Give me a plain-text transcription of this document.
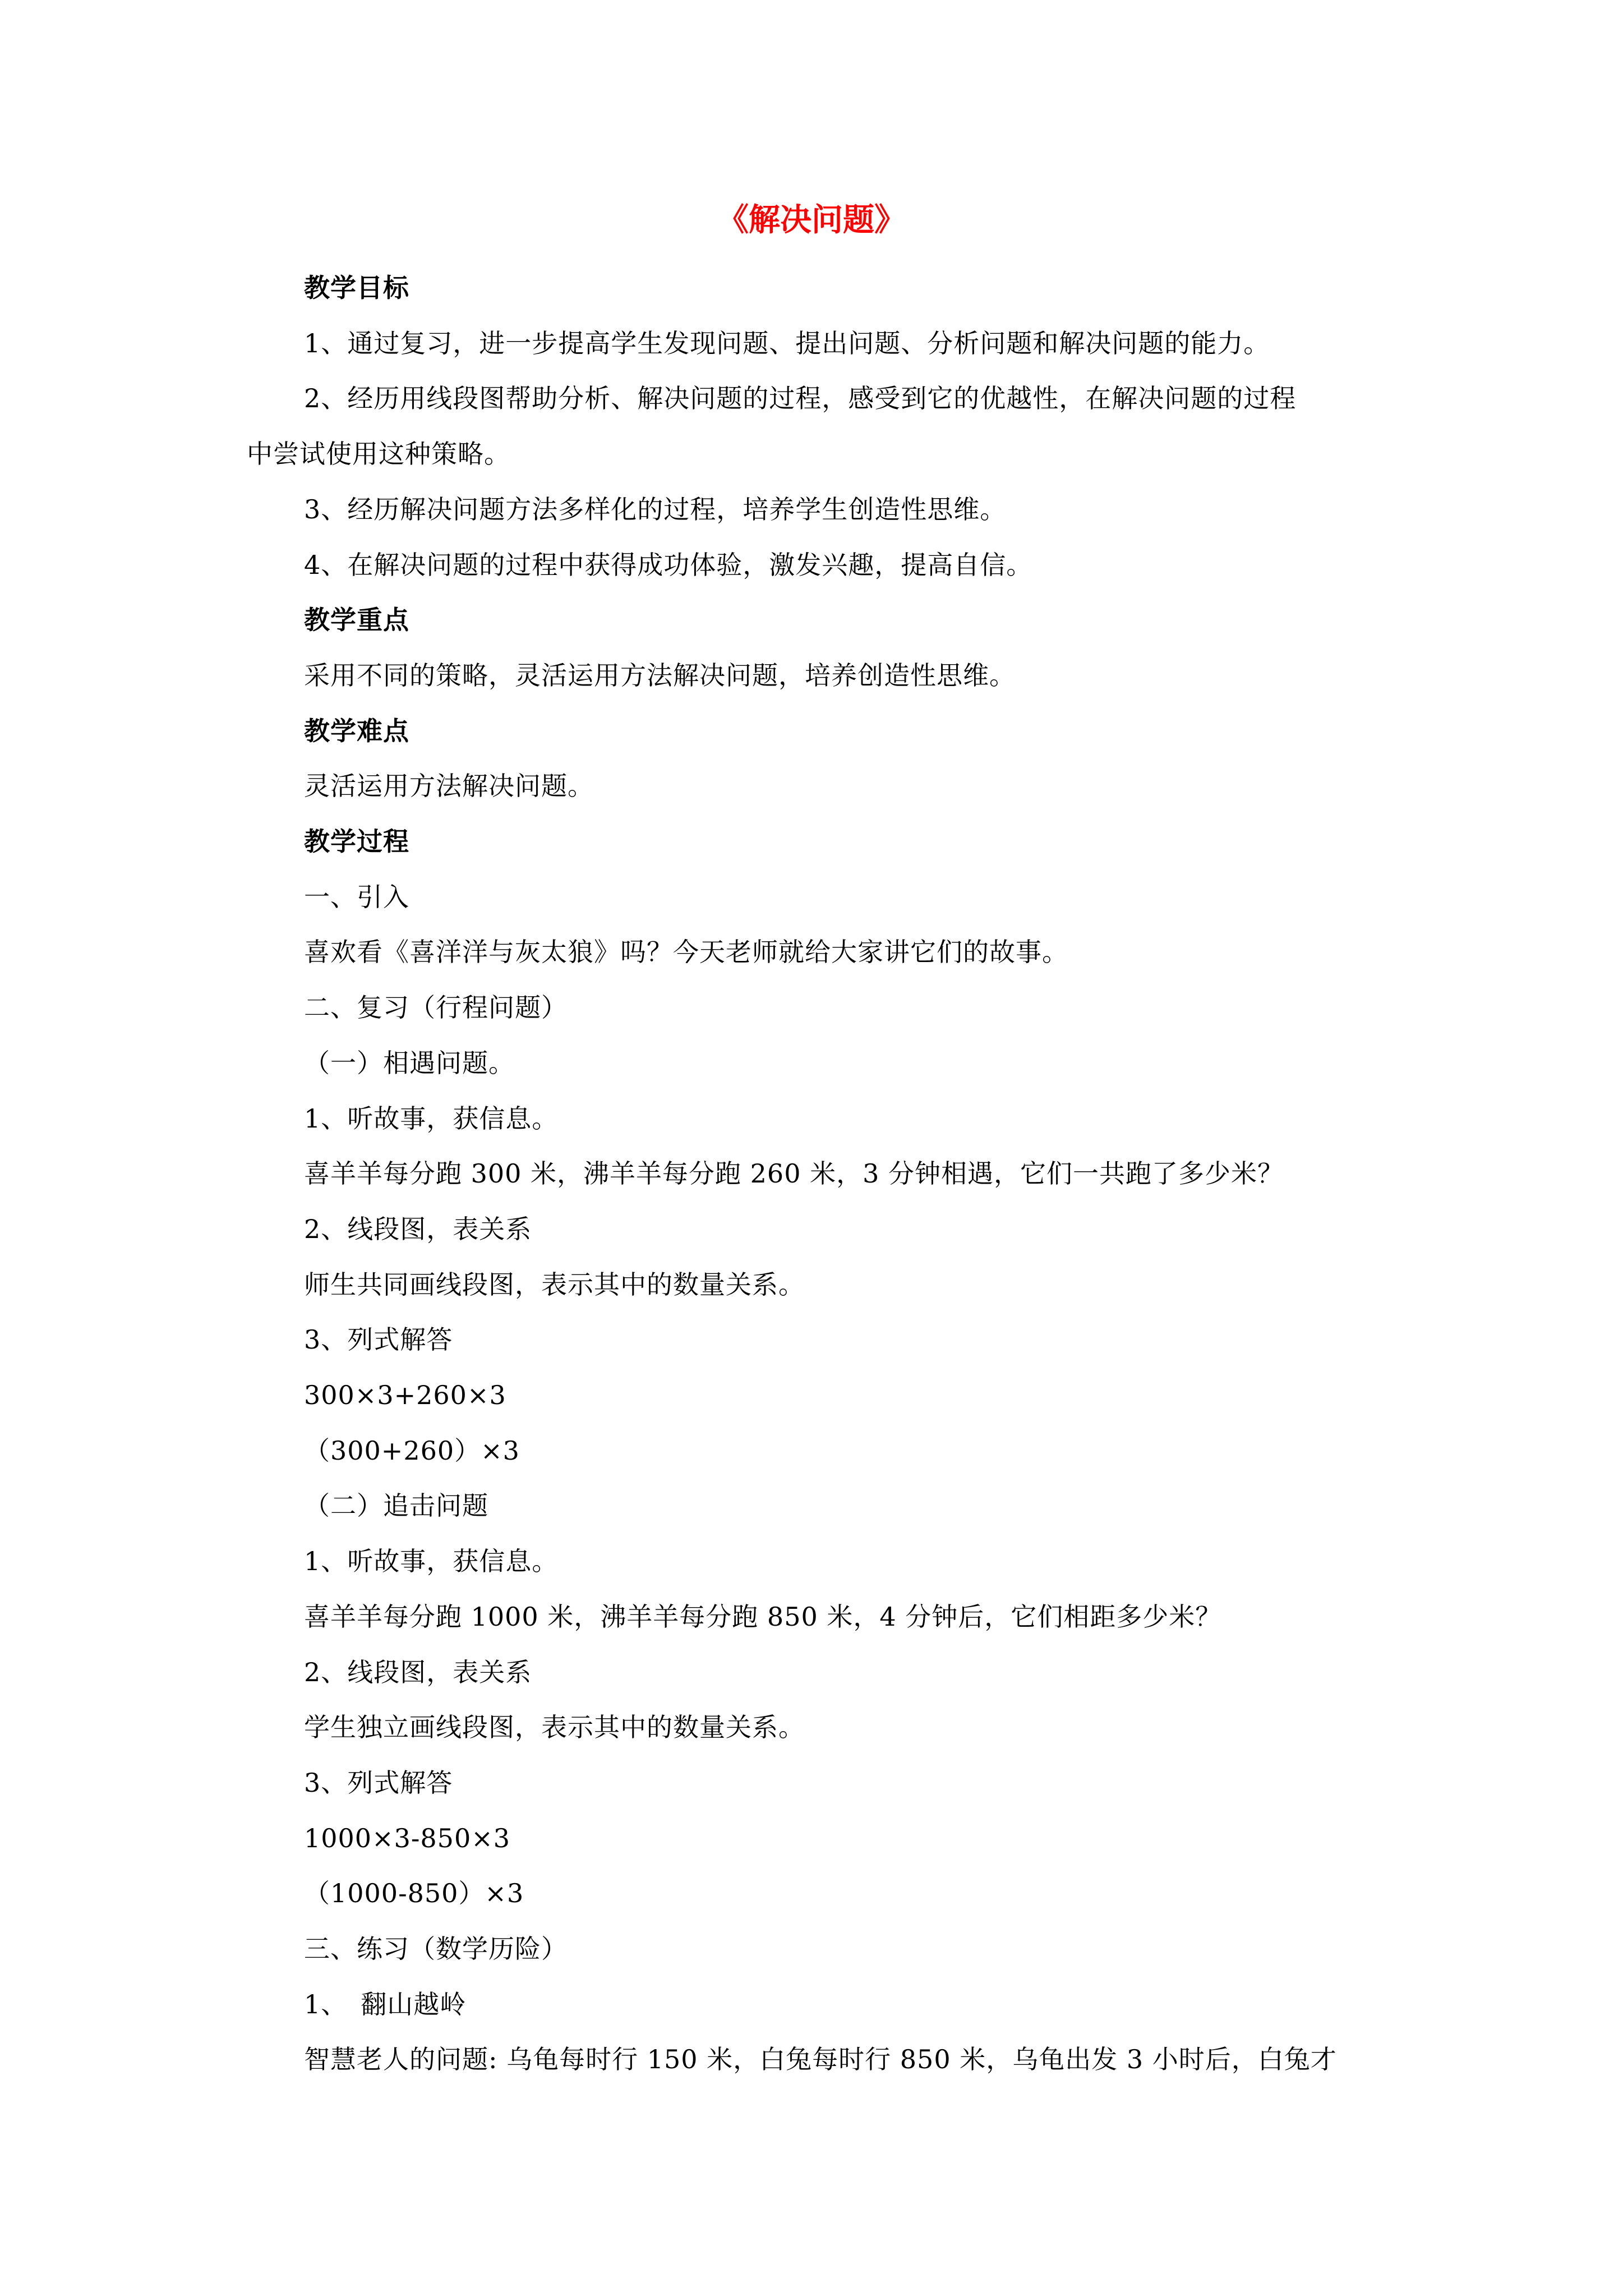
《解决问题》
教学目标
1、通过复习，进一步提高学生发现问题、提出问题、分析问题和解决问题的能力。
2、经历用线段图帮助分析、解决问题的过程，感受到它的优越性，在解决问题的过程
中尝试使用这种策略。
3、经历解决问题方法多样化的过程，培养学生创造性思维。
4、在解决问题的过程中获得成功体验，激发兴趣，提高自信。
教学重点
采用不同的策略，灵活运用方法解决问题，培养创造性思维。
教学难点
灵活运用方法解决问题。
教学过程
一、引入
喜欢看《喜洋洋与灰太狼》吗？今天老师就给大家讲它们的故事。
二、复习（行程问题）
（一）相遇问题。
1、听故事，获信息。
喜羊羊每分跑 300 米，沸羊羊每分跑 260 米，3 分钟相遇，它们一共跑了多少米？
2、线段图，表关系
师生共同画线段图，表示其中的数量关系。
3、列式解答
300×3+260×3
（300+260）×3
（二）追击问题
1、听故事，获信息。
喜羊羊每分跑 1000 米，沸羊羊每分跑 850 米，4 分钟后，它们相距多少米？
2、线段图，表关系
学生独立画线段图，表示其中的数量关系。
3、列式解答
1000×3-850×3
（1000-850）×3
三、练习（数学历险）
1、　翻山越岭
智慧老人的问题: 乌龟每时行 150 米，白兔每时行 850 米，乌龟出发 3 小时后，白兔才
